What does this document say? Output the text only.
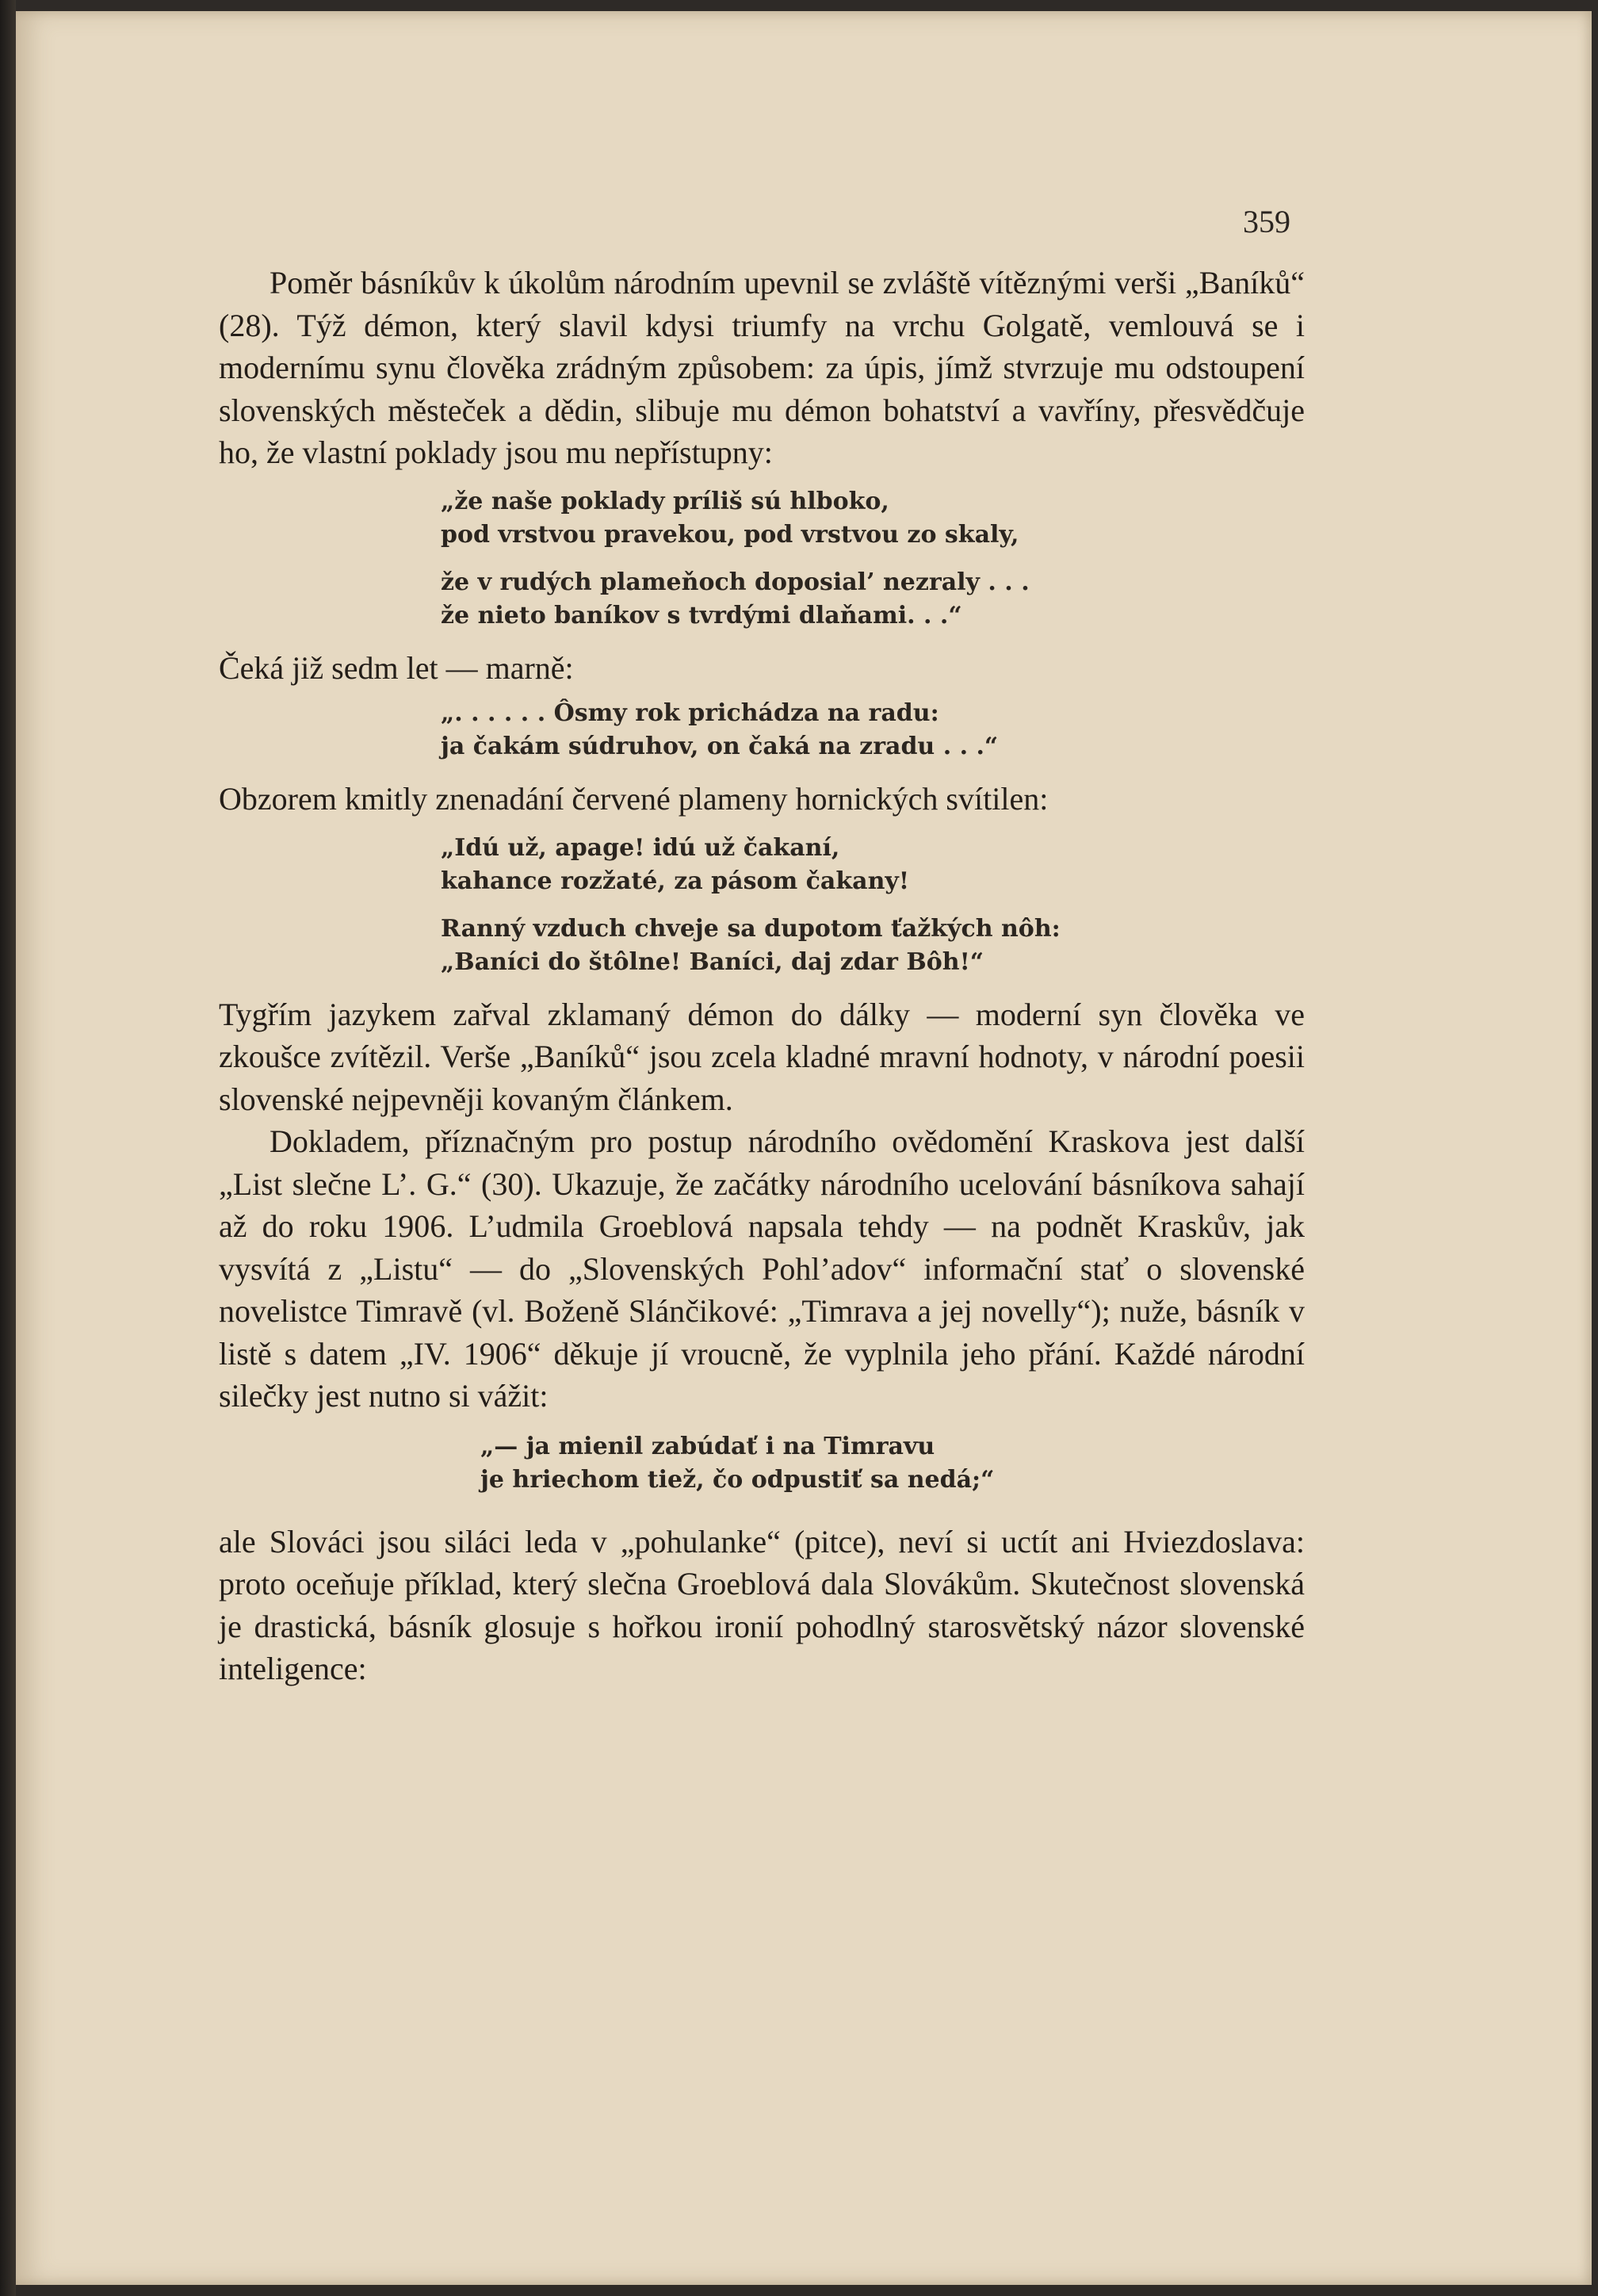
359

Poměr básníkův k úkolům národním upevnil se zvláště vítěznými verši „Baníků“ (28). Týž démon, který slavil kdysi triumfy na vrchu Golgatě, vemlouvá se i modernímu synu člověka zrádným způsobem: za úpis, jímž stvrzuje mu odstoupení slovenských městeček a dědin, slibuje mu démon bohatství a vavříny, přesvědčuje ho, že vlastní poklady jsou mu nepřístupny:

„že naše poklady príliš sú hlboko,
pod vrstvou pravekou, pod vrstvou zo skaly,
že v rudých plameňoch doposial’ nezraly . . .
že nieto baníkov s tvrdými dlaňami. . .“

Čeká již sedm let — marně:

„. . . . . . Ôsmy rok prichádza na radu:
ja čakám súdruhov, on čaká na zradu . . .“

Obzorem kmitly znenadání červené plameny hornických svítilen:

„Idú už, apage! idú už čakaní,
kahance rozžaté, za pásom čakany!
Ranný vzduch chveje sa dupotom ťažkých nôh:
„Baníci do štôlne! Baníci, daj zdar Bôh!“

Tygřím jazykem zařval zklamaný démon do dálky — moderní syn člověka ve zkoušce zvítězil. Verše „Baníků“ jsou zcela kladné mravní hodnoty, v národní poesii slovenské nejpevněji kovaným článkem.

Dokladem, příznačným pro postup národního ovědomění Kraskova jest další „List slečne L’. G.“ (30). Ukazuje, že začátky národního ucelování básníkova sahají až do roku 1906. L’udmila Groeblová napsala tehdy — na podnět Kraskův, jak vysvítá z „Listu“ — do „Slovenských Pohl’adov“ informační stať o slovenské novelistce Timravě (vl. Boženě Slánčikové: „Timrava a jej novelly“); nuže, básník v listě s datem „IV. 1906“ děkuje jí vroucně, že vyplnila jeho přání. Každé národní silečky jest nutno si vážit:

„— ja mienil zabúdať i na Timravu
je hriechom tiež, čo odpustiť sa nedá;“

ale Slováci jsou siláci leda v „pohulanke“ (pitce), neví si uctít ani Hviezdoslava: proto oceňuje příklad, který slečna Groeblová dala Slovákům. Skutečnost slovenská je drastická, básník glosuje s hořkou ironií pohodlný starosvětský názor slovenské inteligence:
